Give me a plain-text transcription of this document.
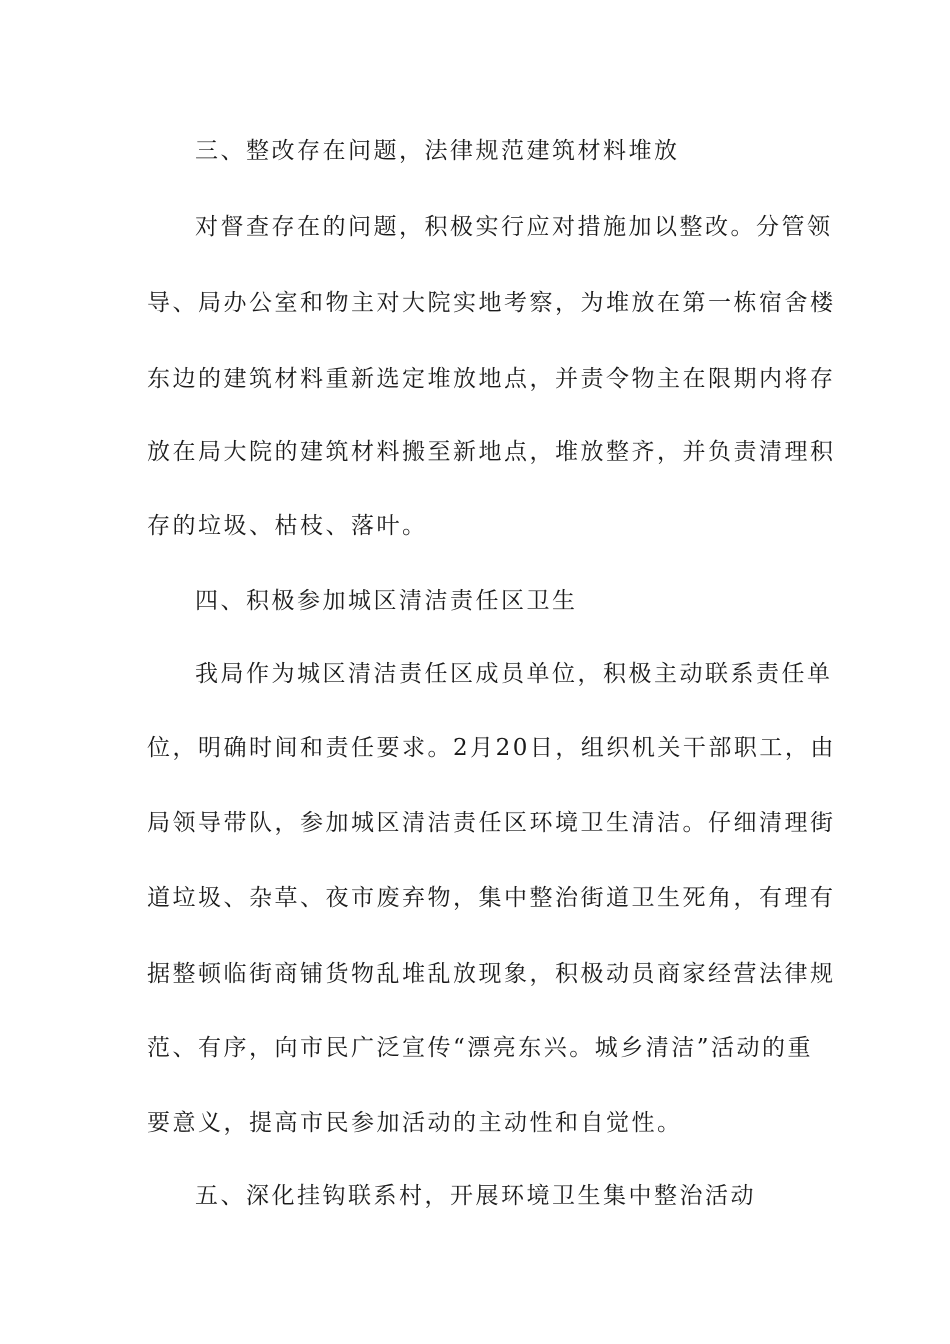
三、整改存在问题，法律规范建筑材料堆放
对督查存在的问题，积极实行应对措施加以整改。分管领
导、局办公室和物主对大院实地考察，为堆放在第一栋宿舍楼
东边的建筑材料重新选定堆放地点，并责令物主在限期内将存
放在局大院的建筑材料搬至新地点，堆放整齐，并负责清理积
存的垃圾、枯枝、落叶。
四、积极参加城区清洁责任区卫生
我局作为城区清洁责任区成员单位，积极主动联系责任单
位，明确时间和责任要求。2月20日，组织机关干部职工，由
局领导带队，参加城区清洁责任区环境卫生清洁。仔细清理街
道垃圾、杂草、夜市废弃物，集中整治街道卫生死角，有理有
据整顿临街商铺货物乱堆乱放现象，积极动员商家经营法律规
范、有序，向市民广泛宣传“漂亮东兴。城乡清洁”活动的重
要意义，提高市民参加活动的主动性和自觉性。
五、深化挂钩联系村，开展环境卫生集中整治活动
